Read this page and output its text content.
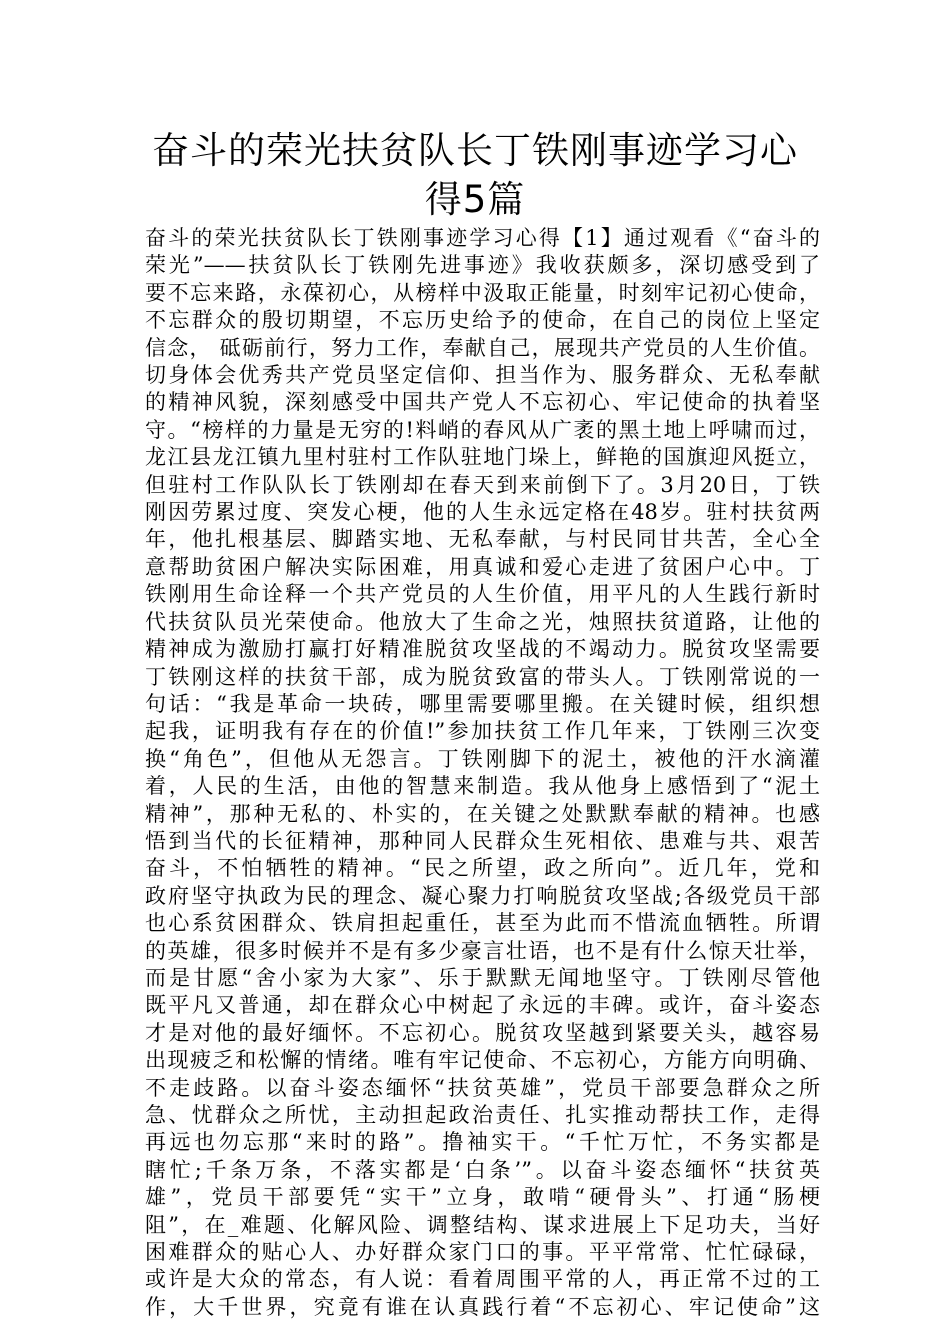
奋斗的荣光扶贫队长丁铁刚事迹学习心
得5篇
奋斗的荣光扶贫队长丁铁刚事迹学习心得【1】通过观看《“奋斗的
荣光”——扶贫队长丁铁刚先进事迹》我收获颇多，深切感受到了
要不忘来路，永葆初心，从榜样中汲取正能量，时刻牢记初心使命，
不忘群众的殷切期望，不忘历史给予的使命，在自己的岗位上坚定
信念， 砥砺前行，努力工作，奉献自己，展现共产党员的人生价值。
切身体会优秀共产党员坚定信仰、担当作为、服务群众、无私奉献
的精神风貌，深刻感受中国共产党人不忘初心、牢记使命的执着坚
守。“榜样的力量是无穷的!料峭的春风从广袤的黑土地上呼啸而过，
龙江县龙江镇九里村驻村工作队驻地门垛上，鲜艳的国旗迎风挺立，
但驻村工作队队长丁铁刚却在春天到来前倒下了。3月20日，丁铁
刚因劳累过度、突发心梗，他的人生永远定格在48岁。驻村扶贫两
年，他扎根基层、脚踏实地、无私奉献，与村民同甘共苦，全心全
意帮助贫困户解决实际困难，用真诚和爱心走进了贫困户心中。丁
铁刚用生命诠释一个共产党员的人生价值，用平凡的人生践行新时
代扶贫队员光荣使命。他放大了生命之光，烛照扶贫道路，让他的
精神成为激励打赢打好精准脱贫攻坚战的不竭动力。脱贫攻坚需要
丁铁刚这样的扶贫干部，成为脱贫致富的带头人。丁铁刚常说的一
句话：“我是革命一块砖，哪里需要哪里搬。在关键时候，组织想
起我，证明我有存在的价值!”参加扶贫工作几年来，丁铁刚三次变
换“角色”，但他从无怨言。丁铁刚脚下的泥土，被他的汗水滴灌
着，人民的生活，由他的智慧来制造。我从他身上感悟到了“泥土
精神”，那种无私的、朴实的，在关键之处默默奉献的精神。也感
悟到当代的长征精神，那种同人民群众生死相依、患难与共、艰苦
奋斗，不怕牺牲的精神。“民之所望，政之所向”。近几年，党和
政府坚守执政为民的理念、凝心聚力打响脱贫攻坚战;各级党员干部
也心系贫困群众、铁肩担起重任，甚至为此而不惜流血牺牲。所谓
的英雄，很多时候并不是有多少豪言壮语，也不是有什么惊天壮举，
而是甘愿“舍小家为大家”、乐于默默无闻地坚守。丁铁刚尽管他
既平凡又普通，却在群众心中树起了永远的丰碑。或许，奋斗姿态
才是对他的最好缅怀。不忘初心。脱贫攻坚越到紧要关头，越容易
出现疲乏和松懈的情绪。唯有牢记使命、不忘初心，方能方向明确、
不走歧路。以奋斗姿态缅怀“扶贫英雄”，党员干部要急群众之所
急、忧群众之所忧，主动担起政治责任、扎实推动帮扶工作，走得
再远也勿忘那“来时的路”。撸袖实干。“千忙万忙，不务实都是
瞎忙;千条万条，不落实都是‘白条’”。以奋斗姿态缅怀“扶贫英
雄”，党员干部要凭“实干”立身，敢啃“硬骨头”、打通“肠梗
阻”，在_难题、化解风险、调整结构、谋求进展上下足功夫，当好
困难群众的贴心人、办好群众家门口的事。平平常常、忙忙碌碌，
或许是大众的常态，有人说：看着周围平常的人，再正常不过的工
作，大千世界，究竟有谁在认真践行着“不忘初心、牢记使命”这
